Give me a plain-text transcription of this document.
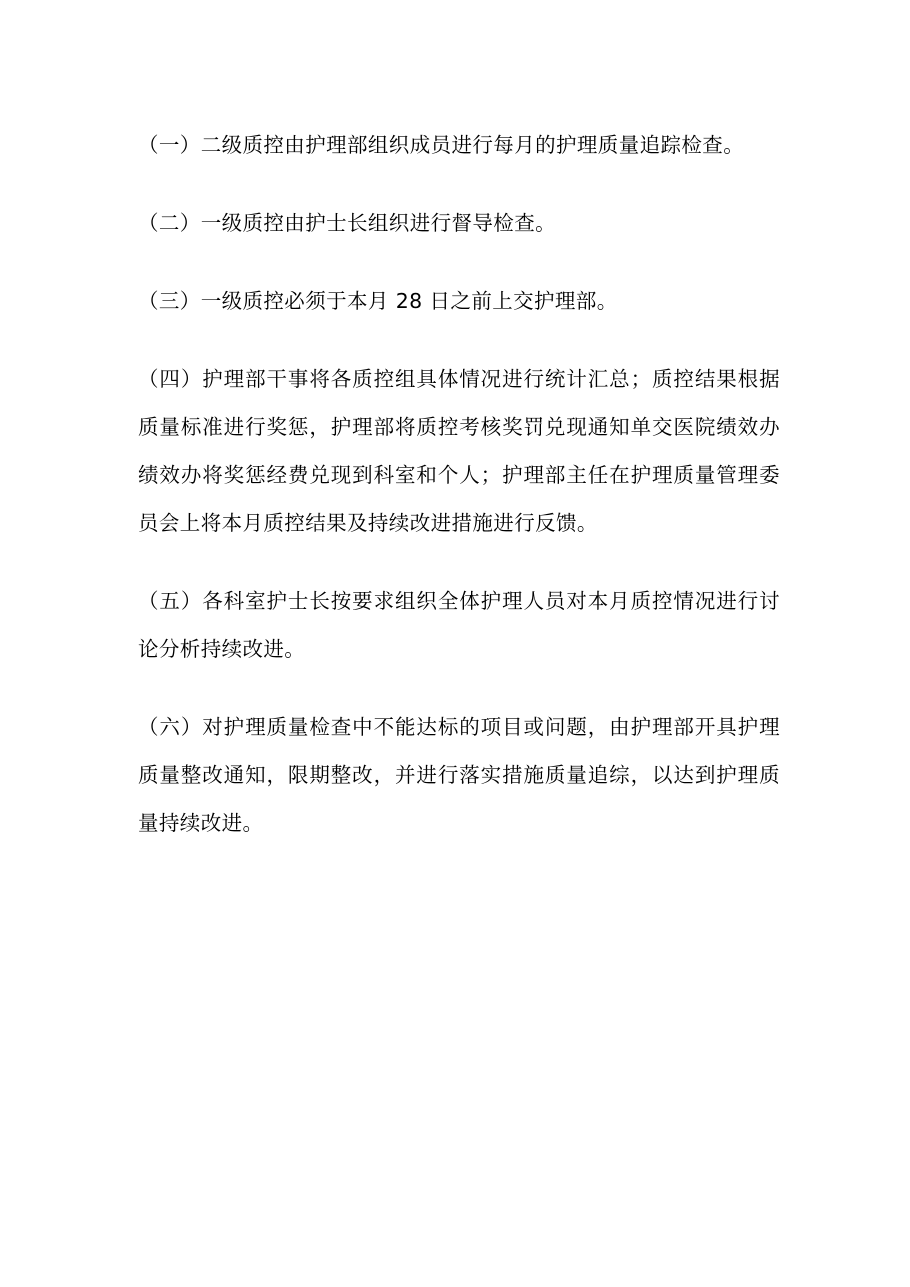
（一）二级质控由护理部组织成员进行每月的护理质量追踪检查。

（二）一级质控由护士长组织进行督导检查。

（三）一级质控必须于本月 28 日之前上交护理部。

（四）护理部干事将各质控组具体情况进行统计汇总；质控结果根据质量标准进行奖惩，护理部将质控考核奖罚兑现通知单交医院绩效办绩效办将奖惩经费兑现到科室和个人；护理部主任在护理质量管理委员会上将本月质控结果及持续改进措施进行反馈。

（五）各科室护士长按要求组织全体护理人员对本月质控情况进行讨论分析持续改进。

（六）对护理质量检查中不能达标的项目或问题，由护理部开具护理质量整改通知，限期整改，并进行落实措施质量追综，以达到护理质量持续改进。
